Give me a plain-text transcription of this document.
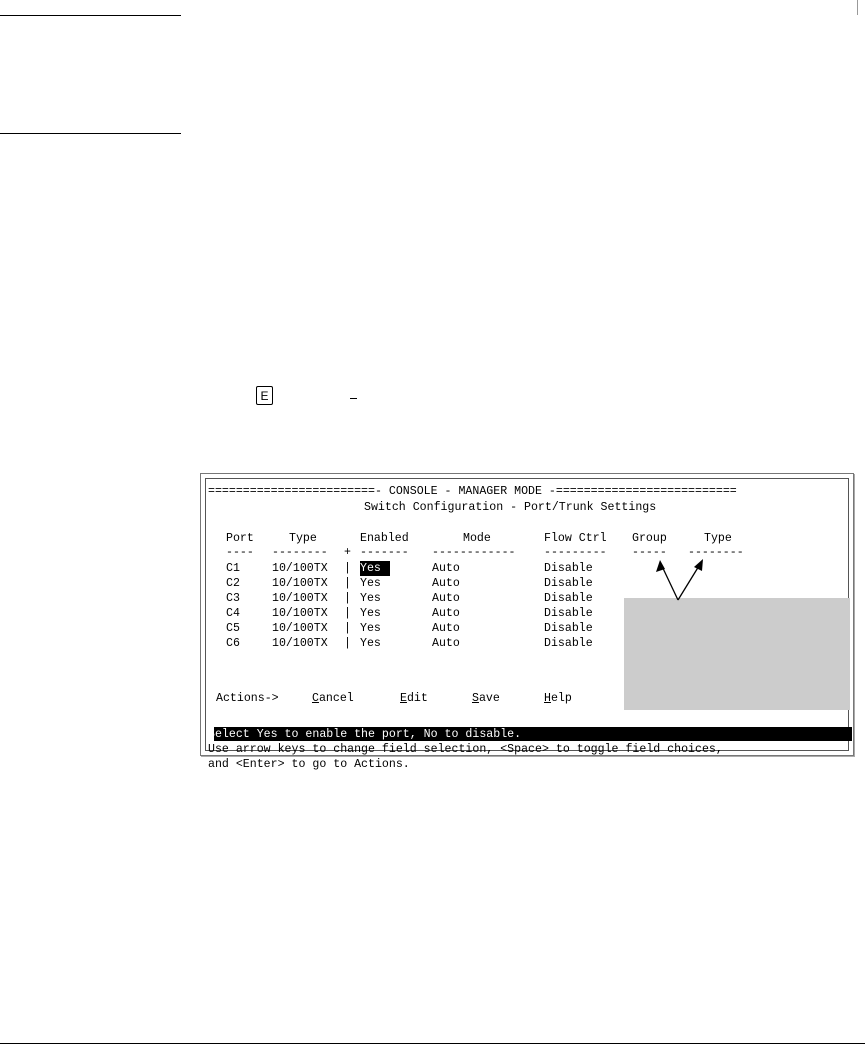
E
========================- CONSOLE - MANAGER MODE -==========================
Switch Configuration - Port/Trunk Settings
Port	Type	Enabled	Mode	Flow Ctrl Group	Type
---- -------- + ------- ------------ --------- ----- --------
C1	10/100TX | Yes	Auto	Disable
C2	10/100TX | Yes	Auto	Disable
C3	10/100TX | Yes	Auto	Disable
C4	10/100TX | Yes	Auto	Disable
C5	10/100TX | Yes	Auto	Disable
C6	10/100TX | Yes	Auto	Disable
Actions->	Cancel	Edit	Save	Help
Select Yes to enable the port, No to disable.
Use arrow keys to change field selection, <Space> to toggle field choices,
and <Enter> to go to Actions.
